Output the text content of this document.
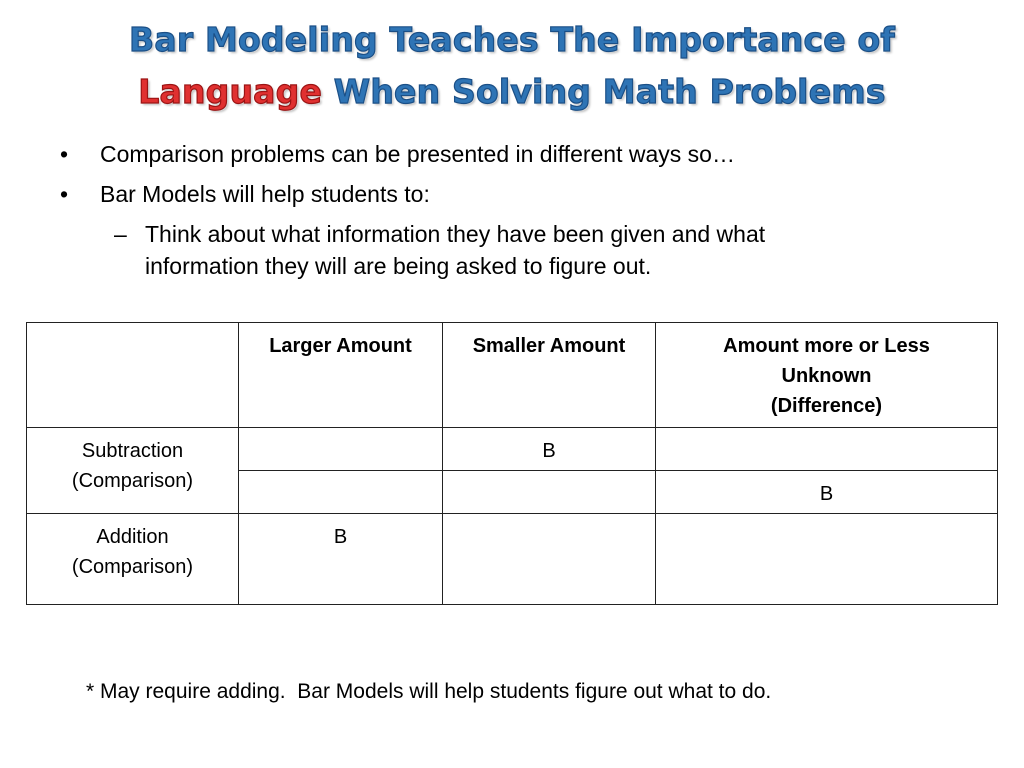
Bar Modeling Teaches The Importance of
Language When Solving Math Problems
•	Comparison problems can be presented in different ways so…
•	Bar Models will help students to:
– Think about what information they have been given and what
information they will are being asked to figure out.
	Larger Amount	Smaller Amount	Amount more or Less
Unknown
(Difference)

Subtraction
(Comparison)		B	
			B

Addition
(Comparison)	B		
* May require adding.  Bar Models will help students figure out what to do.
